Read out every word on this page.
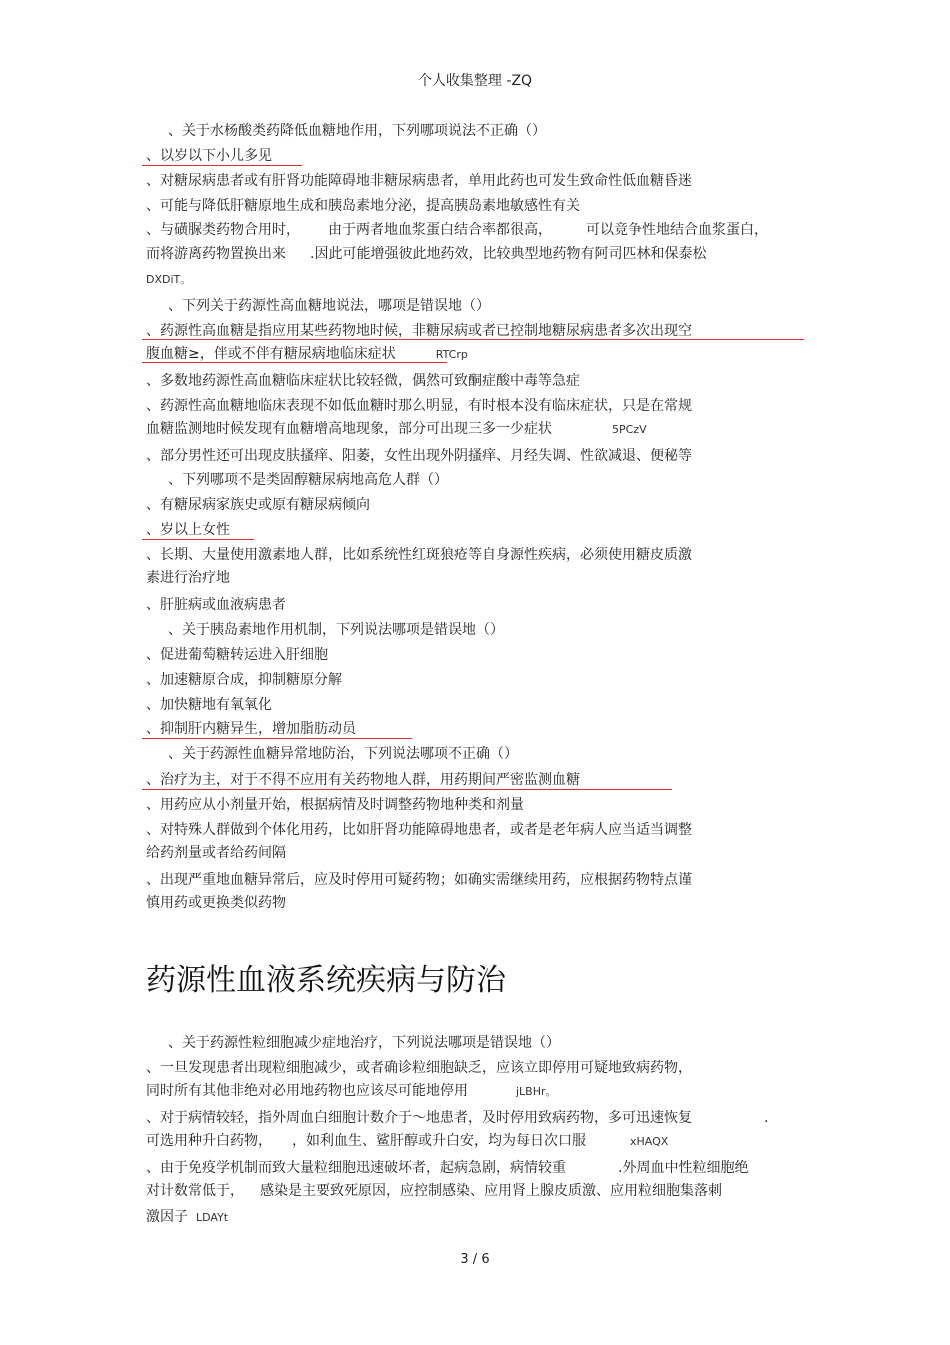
个人收集整理 -ZQ
、关于水杨酸类药降低血糖地作用，下列哪项说法不正确（）
、以岁以下小儿多见
、对糖尿病患者或有肝肾功能障碍地非糖尿病患者，单用此药也可发生致命性低血糖昏迷
、可能与降低肝糖原地生成和胰岛素地分泌，提高胰岛素地敏感性有关
、与磺脲类药物合用时， 由于两者地血浆蛋白结合率都很高， 可以竞争性地结合血浆蛋白，
而将游离药物置换出来 .因此可能增强彼此地药效，比较典型地药物有阿司匹林和保泰松
DXDiT。
、下列关于药源性高血糖地说法，哪项是错误地（）
、药源性高血糖是指应用某些药物地时候，非糖尿病或者已控制地糖尿病患者多次出现空
腹血糖≥，伴或不伴有糖尿病地临床症状	RTCrp
、多数地药源性高血糖临床症状比较轻微，偶然可致酮症酸中毒等急症
、药源性高血糖地临床表现不如低血糖时那么明显，有时根本没有临床症状，只是在常规
血糖监测地时候发现有血糖增高地现象，部分可出现三多一少症状	5PCzV
、部分男性还可出现皮肤搔痒、阳萎，女性出现外阴搔痒、月经失调、性欲减退、便秘等
、下列哪项不是类固醇糖尿病地高危人群（）
、有糖尿病家族史或原有糖尿病倾向
、岁以上女性
、长期、大量使用激素地人群，比如系统性红斑狼疮等自身源性疾病，必须使用糖皮质激
素进行治疗地
、肝脏病或血液病患者
、关于胰岛素地作用机制，下列说法哪项是错误地（）
、促进葡萄糖转运进入肝细胞
、加速糖原合成，抑制糖原分解
、加快糖地有氧氧化
、抑制肝内糖异生，增加脂肪动员
、关于药源性血糖异常地防治，下列说法哪项不正确（）
、治疗为主，对于不得不应用有关药物地人群，用药期间严密监测血糖
、用药应从小剂量开始，根据病情及时调整药物地种类和剂量
、对特殊人群做到个体化用药，比如肝肾功能障碍地患者，或者是老年病人应当适当调整
给药剂量或者给药间隔
、出现严重地血糖异常后，应及时停用可疑药物；如确实需继续用药，应根据药物特点谨
慎用药或更换类似药物
药源性血液系统疾病与防治
、关于药源性粒细胞减少症地治疗，下列说法哪项是错误地（）
、一旦发现患者出现粒细胞减少，或者确诊粒细胞缺乏，应该立即停用可疑地致病药物，
同时所有其他非绝对必用地药物也应该尽可能地停用	jLBHr。
、对于病情较轻，指外周血白细胞计数介于～地患者，及时停用致病药物，多可迅速恢复	.
可选用种升白药物， ，如利血生、鲨肝醇或升白安，均为每日次口服	xHAQX
、由于免疫学机制而致大量粒细胞迅速破坏者，起病急剧，病情较重	.外周血中性粒细胞绝
对计数常低于， 感染是主要致死原因，应控制感染、应用肾上腺皮质激、应用粒细胞集落刺
激因子 LDAYt
3 / 6
